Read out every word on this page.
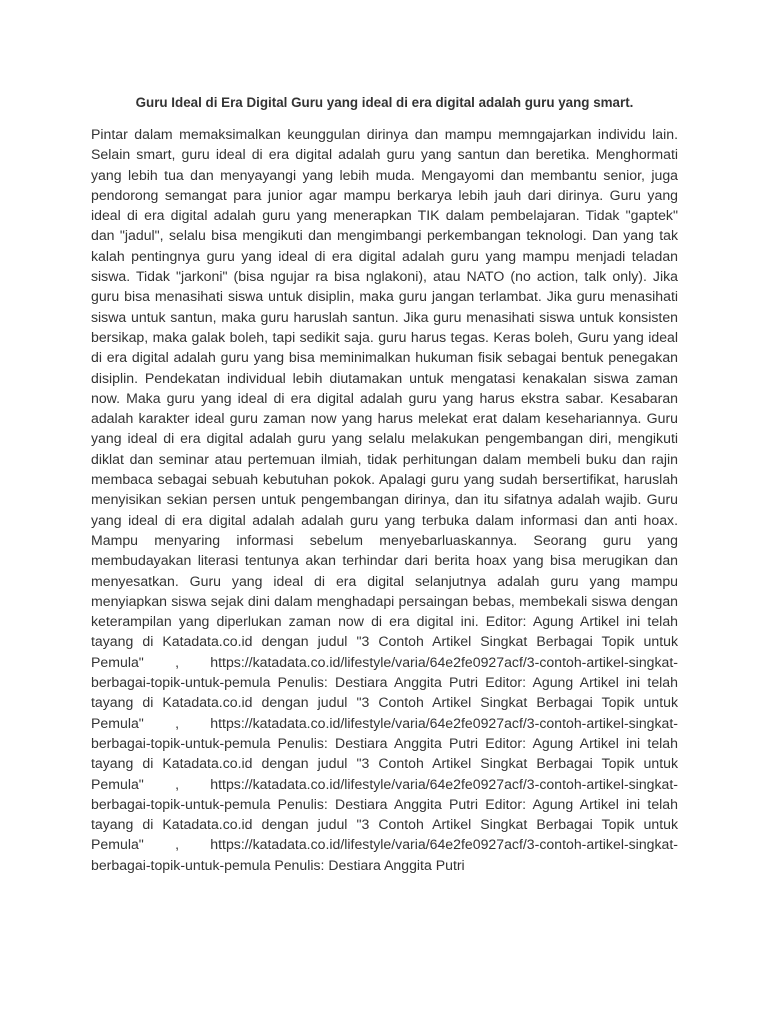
Guru Ideal di Era Digital Guru yang ideal di era digital adalah guru yang smart.

Pintar dalam memaksimalkan keunggulan dirinya dan mampu memngajarkan individu lain. Selain smart, guru ideal di era digital adalah guru yang santun dan beretika. Menghormati yang lebih tua dan menyayangi yang lebih muda. Mengayomi dan membantu senior, juga pendorong semangat para junior agar mampu berkarya lebih jauh dari dirinya. Guru yang ideal di era digital adalah guru yang menerapkan TIK dalam pembelajaran. Tidak "gaptek" dan "jadul", selalu bisa mengikuti dan mengimbangi perkembangan teknologi. Dan yang tak kalah pentingnya guru yang ideal di era digital adalah guru yang mampu menjadi teladan siswa. Tidak "jarkoni" (bisa ngujar ra bisa nglakoni), atau NATO (no action, talk only). Jika guru bisa menasihati siswa untuk disiplin, maka guru jangan terlambat. Jika guru menasihati siswa untuk santun, maka guru haruslah santun. Jika guru menasihati siswa untuk konsisten bersikap, maka galak boleh, tapi sedikit saja. guru harus tegas. Keras boleh, Guru yang ideal di era digital adalah guru yang bisa meminimalkan hukuman fisik sebagai bentuk penegakan disiplin. Pendekatan individual lebih diutamakan untuk mengatasi kenakalan siswa zaman now. Maka guru yang ideal di era digital adalah guru yang harus ekstra sabar. Kesabaran adalah karakter ideal guru zaman now yang harus melekat erat dalam kesehariannya. Guru yang ideal di era digital adalah guru yang selalu melakukan pengembangan diri, mengikuti diklat dan seminar atau pertemuan ilmiah, tidak perhitungan dalam membeli buku dan rajin membaca sebagai sebuah kebutuhan pokok. Apalagi guru yang sudah bersertifikat, haruslah menyisikan sekian persen untuk pengembangan dirinya, dan itu sifatnya adalah wajib. Guru yang ideal di era digital adalah adalah guru yang terbuka dalam informasi dan anti hoax. Mampu menyaring informasi sebelum menyebarluaskannya. Seorang guru yang membudayakan literasi tentunya akan terhindar dari berita hoax yang bisa merugikan dan menyesatkan. Guru yang ideal di era digital selanjutnya adalah guru yang mampu menyiapkan siswa sejak dini dalam menghadapi persaingan bebas, membekali siswa dengan keterampilan yang diperlukan zaman now di era digital ini. Editor: Agung Artikel ini telah tayang di Katadata.co.id dengan judul "3 Contoh Artikel Singkat Berbagai Topik untuk Pemula" , https://katadata.co.id/lifestyle/varia/64e2fe0927acf/3-contoh-artikel-singkat-berbagai-topik-untuk-pemula Penulis: Destiara Anggita Putri Editor: Agung Artikel ini telah tayang di Katadata.co.id dengan judul "3 Contoh Artikel Singkat Berbagai Topik untuk Pemula" , https://katadata.co.id/lifestyle/varia/64e2fe0927acf/3-contoh-artikel-singkat-berbagai-topik-untuk-pemula Penulis: Destiara Anggita Putri Editor: Agung Artikel ini telah tayang di Katadata.co.id dengan judul "3 Contoh Artikel Singkat Berbagai Topik untuk Pemula" , https://katadata.co.id/lifestyle/varia/64e2fe0927acf/3-contoh-artikel-singkat-berbagai-topik-untuk-pemula Penulis: Destiara Anggita Putri Editor: Agung Artikel ini telah tayang di Katadata.co.id dengan judul "3 Contoh Artikel Singkat Berbagai Topik untuk Pemula" , https://katadata.co.id/lifestyle/varia/64e2fe0927acf/3-contoh-artikel-singkat-berbagai-topik-untuk-pemula Penulis: Destiara Anggita Putri
